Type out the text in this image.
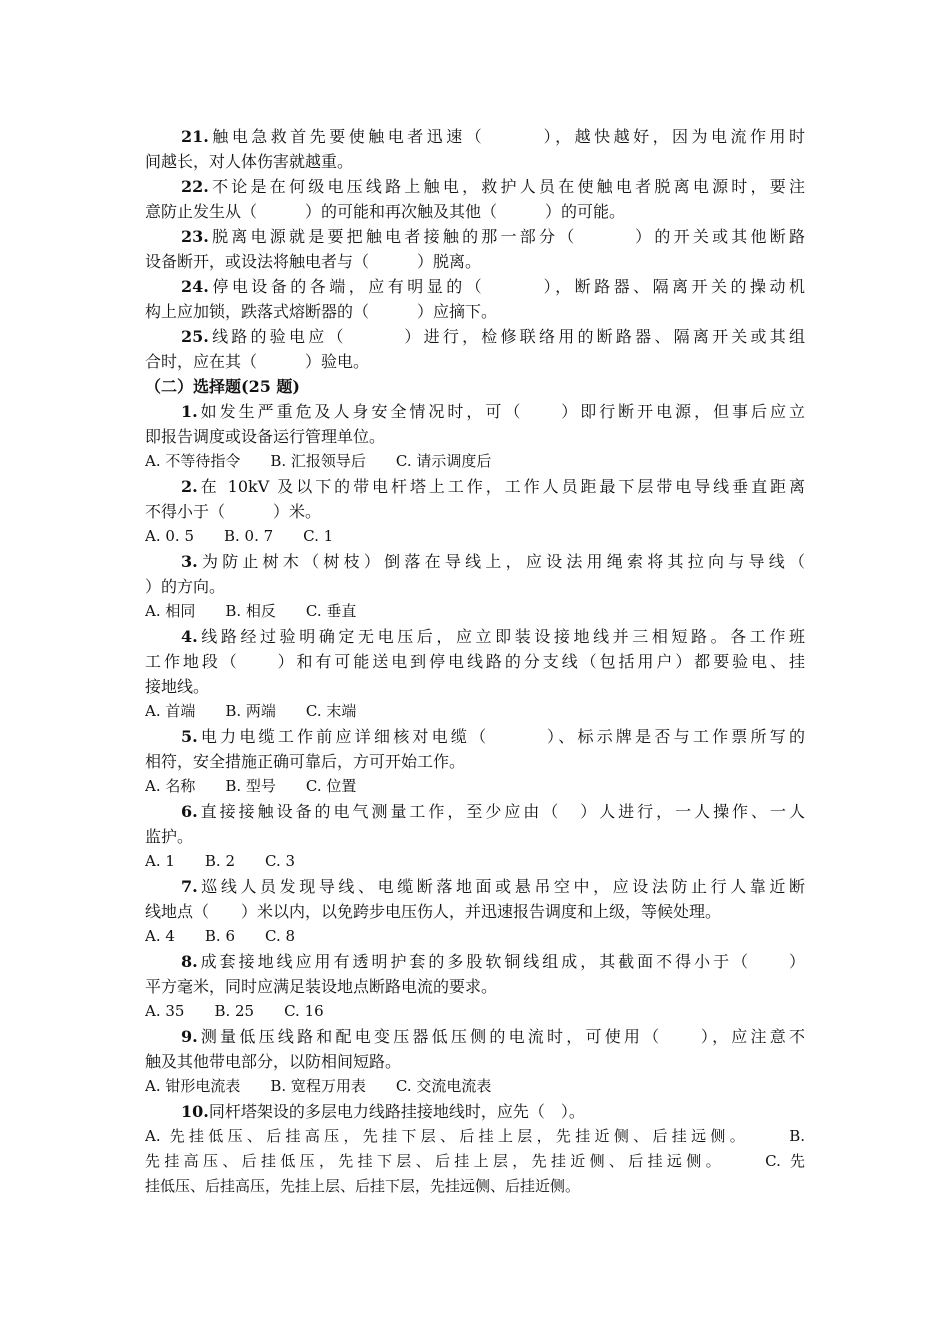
21.触电急救首先要使触电者迅速（　　　），越快越好，因为电流作用时
间越长，对人体伤害就越重。
22.不论是在何级电压线路上触电，救护人员在使触电者脱离电源时，要注
意防止发生从（　　　）的可能和再次触及其他（　　　）的可能。
23.脱离电源就是要把触电者接触的那一部分（　　　）的开关或其他断路
设备断开，或设法将触电者与（　　　）脱离。
24.停电设备的各端，应有明显的（　　　），断路器、隔离开关的操动机
构上应加锁，跌落式熔断器的（　　　）应摘下。
25.线路的验电应（　　　）进行，检修联络用的断路器、隔离开关或其组
合时，应在其（　　　）验电。
（二）选择题(25 题)
1.如发生严重危及人身安全情况时，可（　　）即行断开电源，但事后应立
即报告调度或设备运行管理单位。
A. 不等待指令　　B. 汇报领导后　　C. 请示调度后
2.在 10kV 及以下的带电杆塔上工作，工作人员距最下层带电导线垂直距离
不得小于（　　　）米。
A. 0. 5　　B. 0. 7　　C. 1
3.为防止树木（树枝）倒落在导线上，应设法用绳索将其拉向与导线（
）的方向。
A. 相同　　B. 相反　　C. 垂直
4.线路经过验明确定无电压后，应立即装设接地线并三相短路。各工作班
工作地段（　　）和有可能送电到停电线路的分支线（包括用户）都要验电、挂
接地线。
A. 首端　　B. 两端　　C. 末端
5.电力电缆工作前应详细核对电缆（　　　）、标示牌是否与工作票所写的
相符，安全措施正确可靠后，方可开始工作。
A. 名称　　B. 型号　　C. 位置
6.直接接触设备的电气测量工作，至少应由（　）人进行，一人操作、一人
监护。
A. 1　　B. 2　　C. 3
7.巡线人员发现导线、电缆断落地面或悬吊空中，应设法防止行人靠近断
线地点（　　）米以内，以免跨步电压伤人，并迅速报告调度和上级，等候处理。
A. 4　　B. 6　　C. 8
8.成套接地线应用有透明护套的多股软铜线组成，其截面不得小于（　　）
平方毫米，同时应满足装设地点断路电流的要求。
A. 35　　B. 25　　C. 16
9.测量低压线路和配电变压器低压侧的电流时，可使用（　　），应注意不
触及其他带电部分，以防相间短路。
A. 钳形电流表　　B. 宽程万用表　　C. 交流电流表
10.同杆塔架设的多层电力线路挂接地线时，应先（　）。
A. 先挂低压、后挂高压，先挂下层、后挂上层，先挂近侧、后挂远侧。　　 B.
先挂高压、后挂低压，先挂下层、后挂上层，先挂近侧、后挂远侧。　　 C. 先
挂低压、后挂高压，先挂上层、后挂下层，先挂远侧、后挂近侧。
